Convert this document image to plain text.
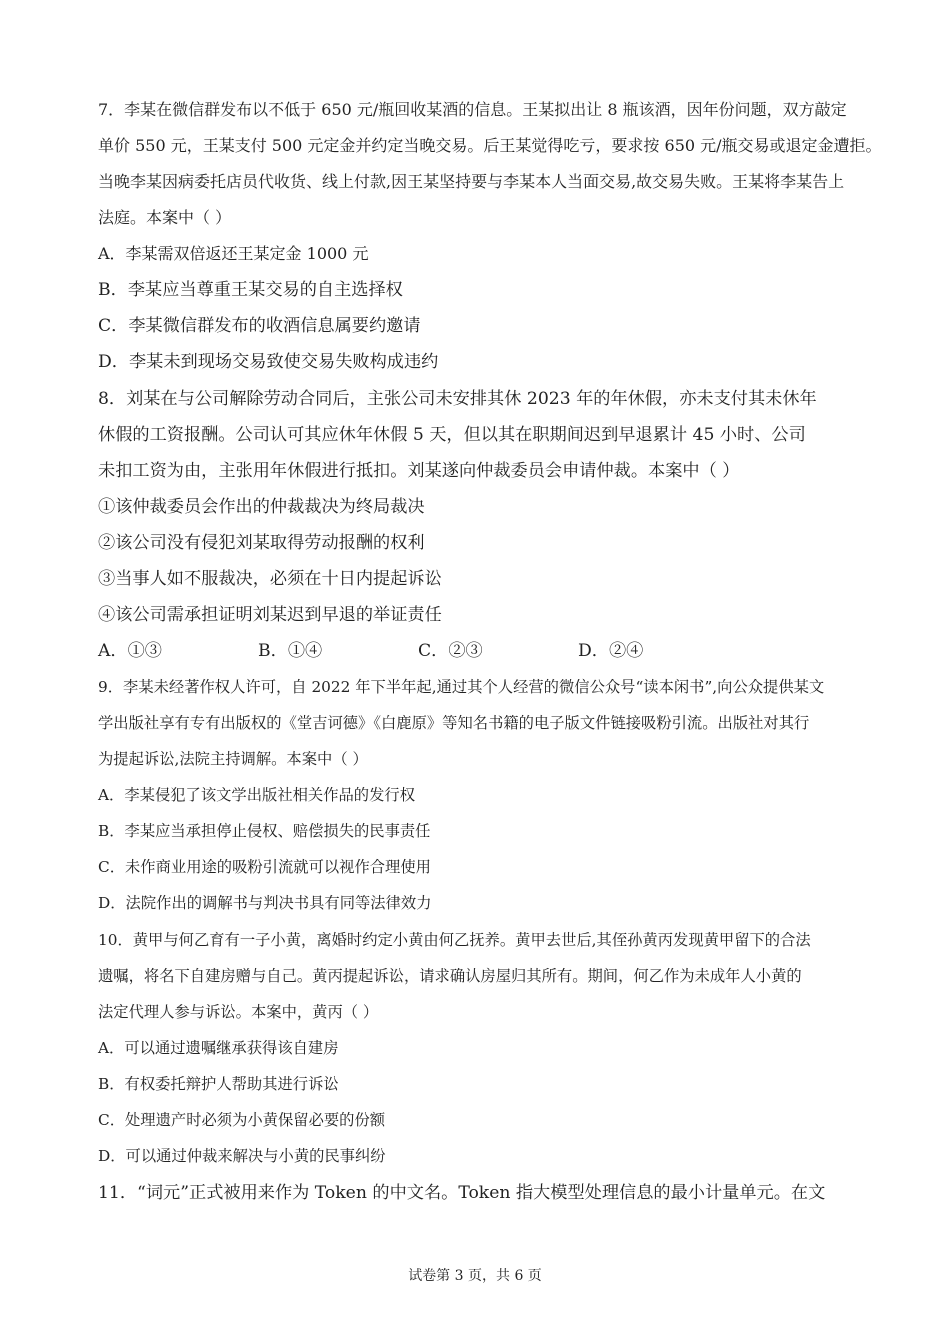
7．李某在微信群发布以不低于 650 元/瓶回收某酒的信息。王某拟出让 8 瓶该酒，因年份问题，双方敲定
单价 550 元，王某支付 500 元定金并约定当晚交易。后王某觉得吃亏，要求按 650 元/瓶交易或退定金遭拒。
当晚李某因病委托店员代收货、线上付款,因王某坚持要与李某本人当面交易,故交易失败。王某将李某告上
法庭。本案中（ ）
A．李某需双倍返还王某定金 1000 元
B．李某应当尊重王某交易的自主选择权
C．李某微信群发布的收酒信息属要约邀请
D．李某未到现场交易致使交易失败构成违约
8．刘某在与公司解除劳动合同后，主张公司未安排其休 2023 年的年休假，亦未支付其未休年
休假的工资报酬。公司认可其应休年休假 5 天，但以其在职期间迟到早退累计 45 小时、公司
未扣工资为由，主张用年休假进行抵扣。刘某遂向仲裁委员会申请仲裁。本案中（ ）
①该仲裁委员会作出的仲裁裁决为终局裁决
②该公司没有侵犯刘某取得劳动报酬的权利
③当事人如不服裁决，必须在十日内提起诉讼
④该公司需承担证明刘某迟到早退的举证责任
A．①③	B．①④	C．②③	D．②④
9．李某未经著作权人许可，自 2022 年下半年起,通过其个人经营的微信公众号“读本闲书”,向公众提供某文
学出版社享有专有出版权的《堂吉诃德》《白鹿原》等知名书籍的电子版文件链接吸粉引流。出版社对其行
为提起诉讼,法院主持调解。本案中（ ）
A．李某侵犯了该文学出版社相关作品的发行权
B．李某应当承担停止侵权、赔偿损失的民事责任
C．未作商业用途的吸粉引流就可以视作合理使用
D．法院作出的调解书与判决书具有同等法律效力
10．黄甲与何乙育有一子小黄，离婚时约定小黄由何乙抚养。黄甲去世后,其侄孙黄丙发现黄甲留下的合法
遗嘱，将名下自建房赠与自己。黄丙提起诉讼，请求确认房屋归其所有。期间，何乙作为未成年人小黄的
法定代理人参与诉讼。本案中，黄丙（ ）
A．可以通过遗嘱继承获得该自建房
B．有权委托辩护人帮助其进行诉讼
C．处理遗产时必须为小黄保留必要的份额
D．可以通过仲裁来解决与小黄的民事纠纷
11．“词元”正式被用来作为 Token 的中文名。Token 指大模型处理信息的最小计量单元。在文
试卷第 3 页，共 6 页
